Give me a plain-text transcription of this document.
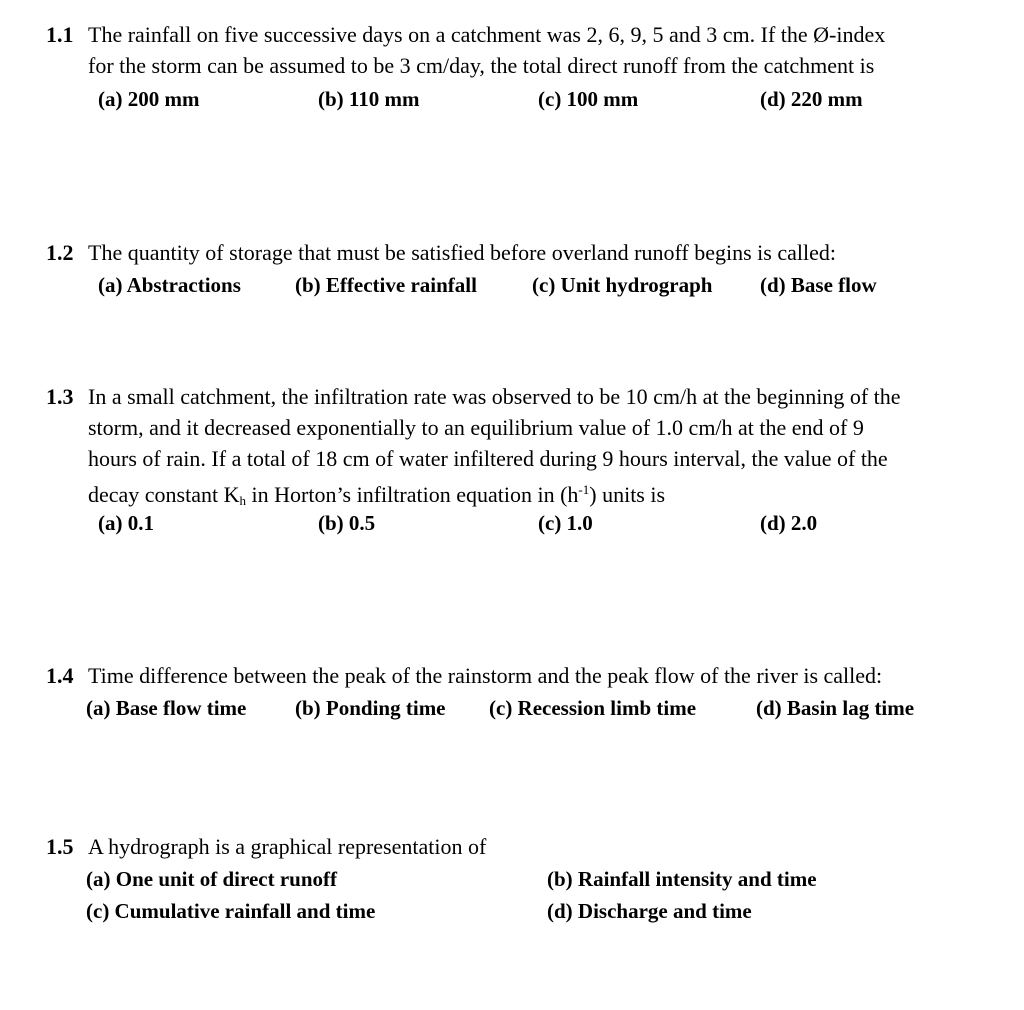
1.1 The rainfall on five successive days on a catchment was 2, 6, 9, 5 and 3 cm. If the Ø-index
for the storm can be assumed to be 3 cm/day, the total direct runoff from the catchment is
(a) 200 mm	(b) 110 mm	(c) 100 mm	(d) 220 mm
1.2 The quantity of storage that must be satisfied before overland runoff begins is called:
(a) Abstractions	(b) Effective rainfall	(c) Unit hydrograph (d) Base flow
1.3 In a small catchment, the infiltration rate was observed to be 10 cm/h at the beginning of the
storm, and it decreased exponentially to an equilibrium value of 1.0 cm/h at the end of 9
hours of rain. If a total of 18 cm of water infiltered during 9 hours interval, the value of the
decay constant $K_h$ in Horton’s infiltration equation in $(h^{-1})$ units is
(a) 0.1	(b) 0.5	(c) 1.0	(d) 2.0
1.4 Time difference between the peak of the rainstorm and the peak flow of the river is called:
(a) Base flow time (b) Ponding time (c) Recession limb time	(d) Basin lag time
1.5 A hydrograph is a graphical representation of
(a) One unit of direct runoff	(b) Rainfall intensity and time
(c) Cumulative rainfall and time	(d) Discharge and time
